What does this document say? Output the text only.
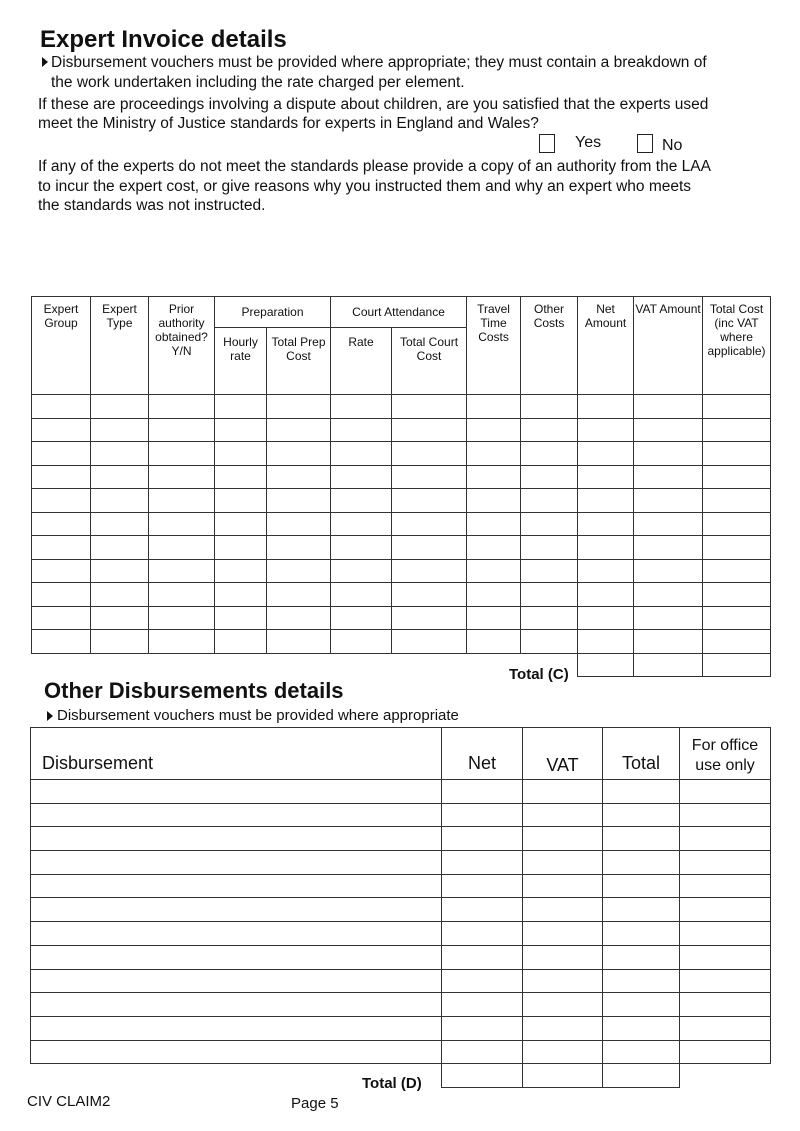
Expert Invoice details
Disbursement vouchers must be provided where appropriate; they must contain a breakdown of
the work undertaken including the rate charged per element.
If these are proceedings involving a dispute about children, are you satisfied that the experts used
meet the Ministry of Justice standards for experts in England and Wales?
Yes	No
If any of the experts do not meet the standards please provide a copy of an authority from the LAA
to incur the expert cost, or give reasons why you instructed them and why an expert who meets
the standards was not instructed.
Expert Group	Expert Type	Prior authority obtained? Y/N	Preparation		Court Attendance		Travel Time Costs	Other Costs	Net Amount	VAT Amount	Total Cost (inc VAT where applicable)
			Hourly rate	Total Prep Cost	Rate	Total Court Cost					

Total (C)
Other Disbursements details
Disbursement vouchers must be provided where appropriate
Disbursement	Net	VAT	Total	For office use only

Total (D)
CIV CLAIM2	Page 5
